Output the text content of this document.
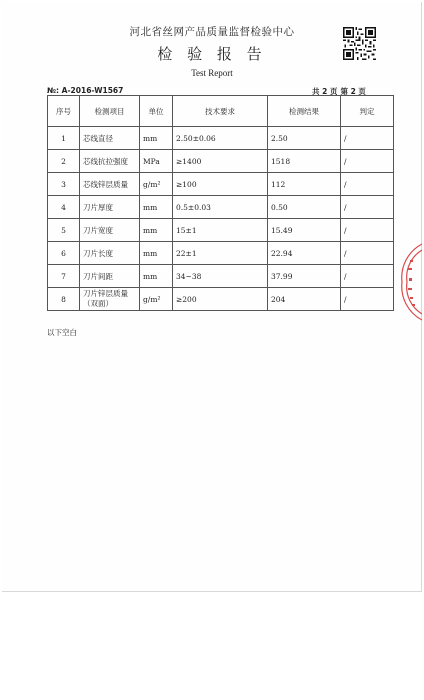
河北省丝网产品质量监督检验中心
检 验 报 告
Test Report
№: A-2016-W1567	共 2 页 第 2 页
序号	检测项目	单位	技术要求	检测结果	判定
1	芯线直径	mm	2.50±0.06	2.50	/
2	芯线抗拉强度	MPa	≥1400	1518	/
3	芯线锌层质量	g/m²	≥100	112	/
4	刀片厚度	mm	0.5±0.03	0.50	/
5	刀片宽度	mm	15±1	15.49	/
6	刀片长度	mm	22±1	22.94	/
7	刀片间距	mm	34~38	37.99	/
8	刀片锌层质量
（双面）	g/m²	≥200	204	/
以下空白
